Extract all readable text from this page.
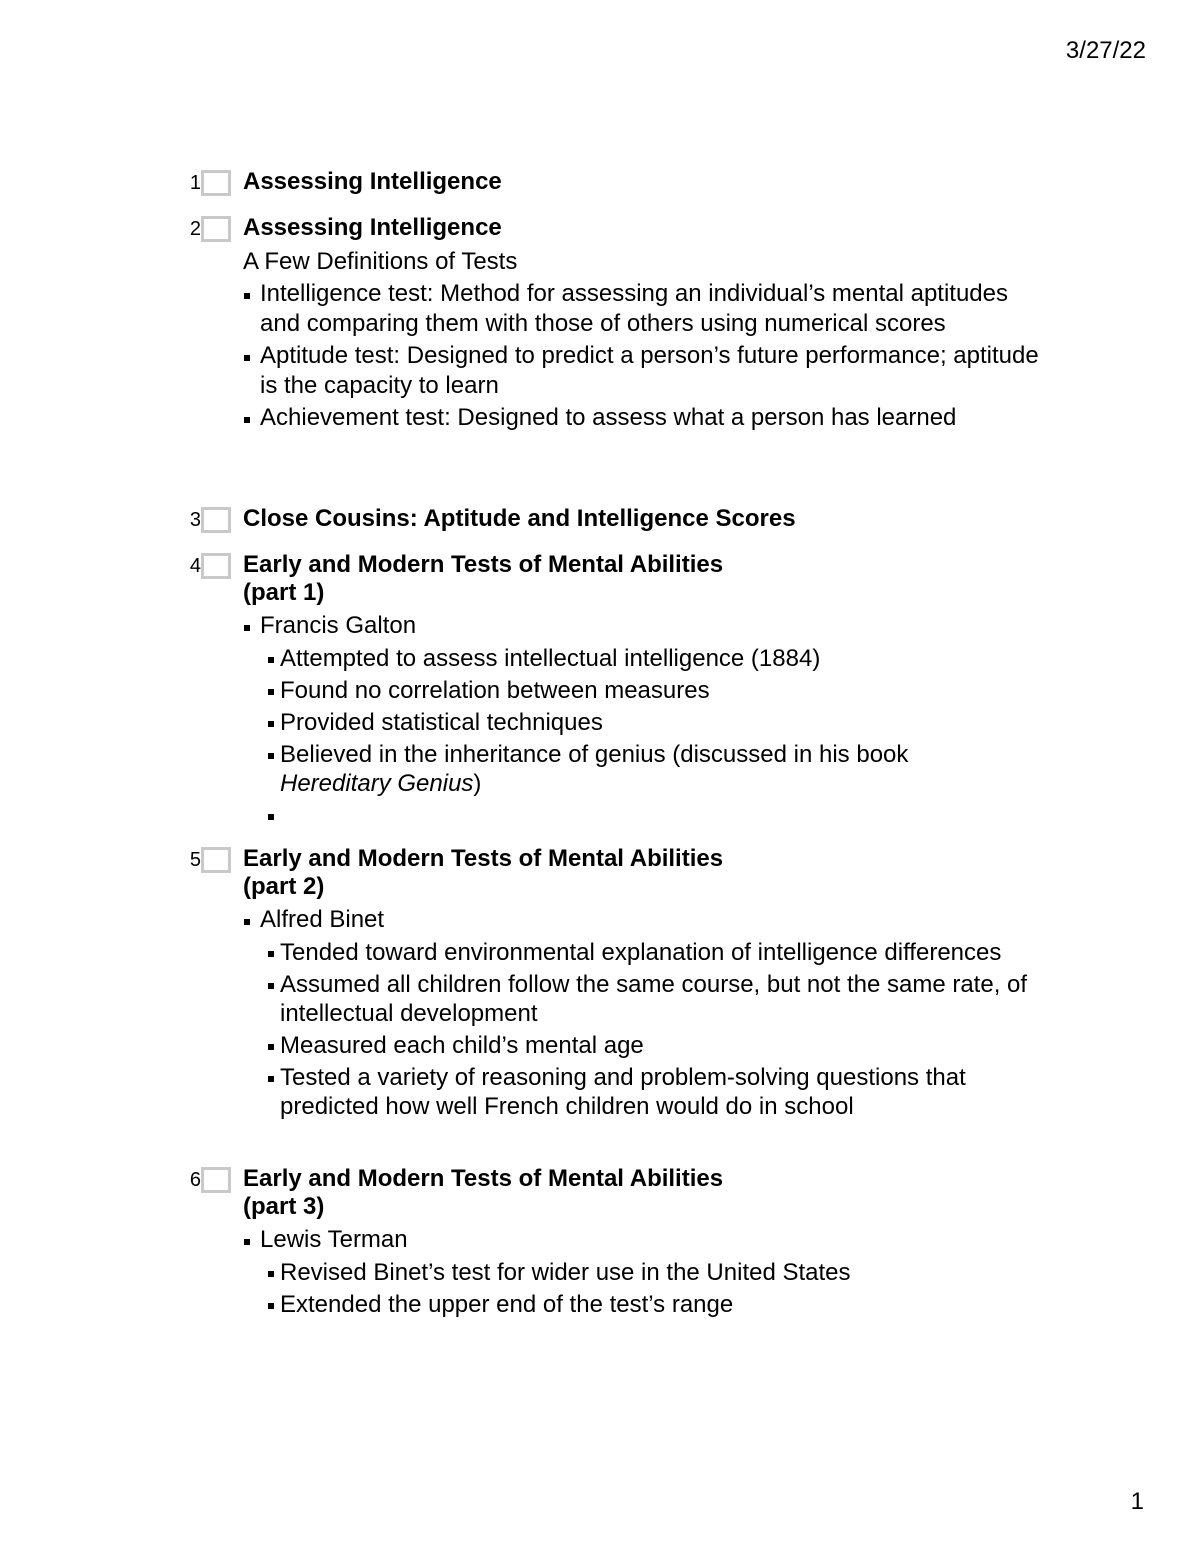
3/27/22
1 Assessing Intelligence
2 Assessing Intelligence
A Few Definitions of Tests
Intelligence test: Method for assessing an individual’s mental aptitudes and comparing them with those of others using numerical scores
Aptitude test: Designed to predict a person’s future performance; aptitude is the capacity to learn
Achievement test: Designed to assess what a person has learned
3 Close Cousins: Aptitude and Intelligence Scores
4 Early and Modern Tests of Mental Abilities
(part 1)
Francis Galton
Attempted to assess intellectual intelligence (1884)
Found no correlation between measures
Provided statistical techniques
Believed in the inheritance of genius (discussed in his book
Hereditary Genius)
5 Early and Modern Tests of Mental Abilities
(part 2)
Alfred Binet
Tended toward environmental explanation of intelligence differences
Assumed all children follow the same course, but not the same rate, of intellectual development
Measured each child’s mental age
Tested a variety of reasoning and problem-solving questions that predicted how well French children would do in school
6 Early and Modern Tests of Mental Abilities
(part 3)
Lewis Terman
Revised Binet’s test for wider use in the United States
Extended the upper end of the test’s range
1
